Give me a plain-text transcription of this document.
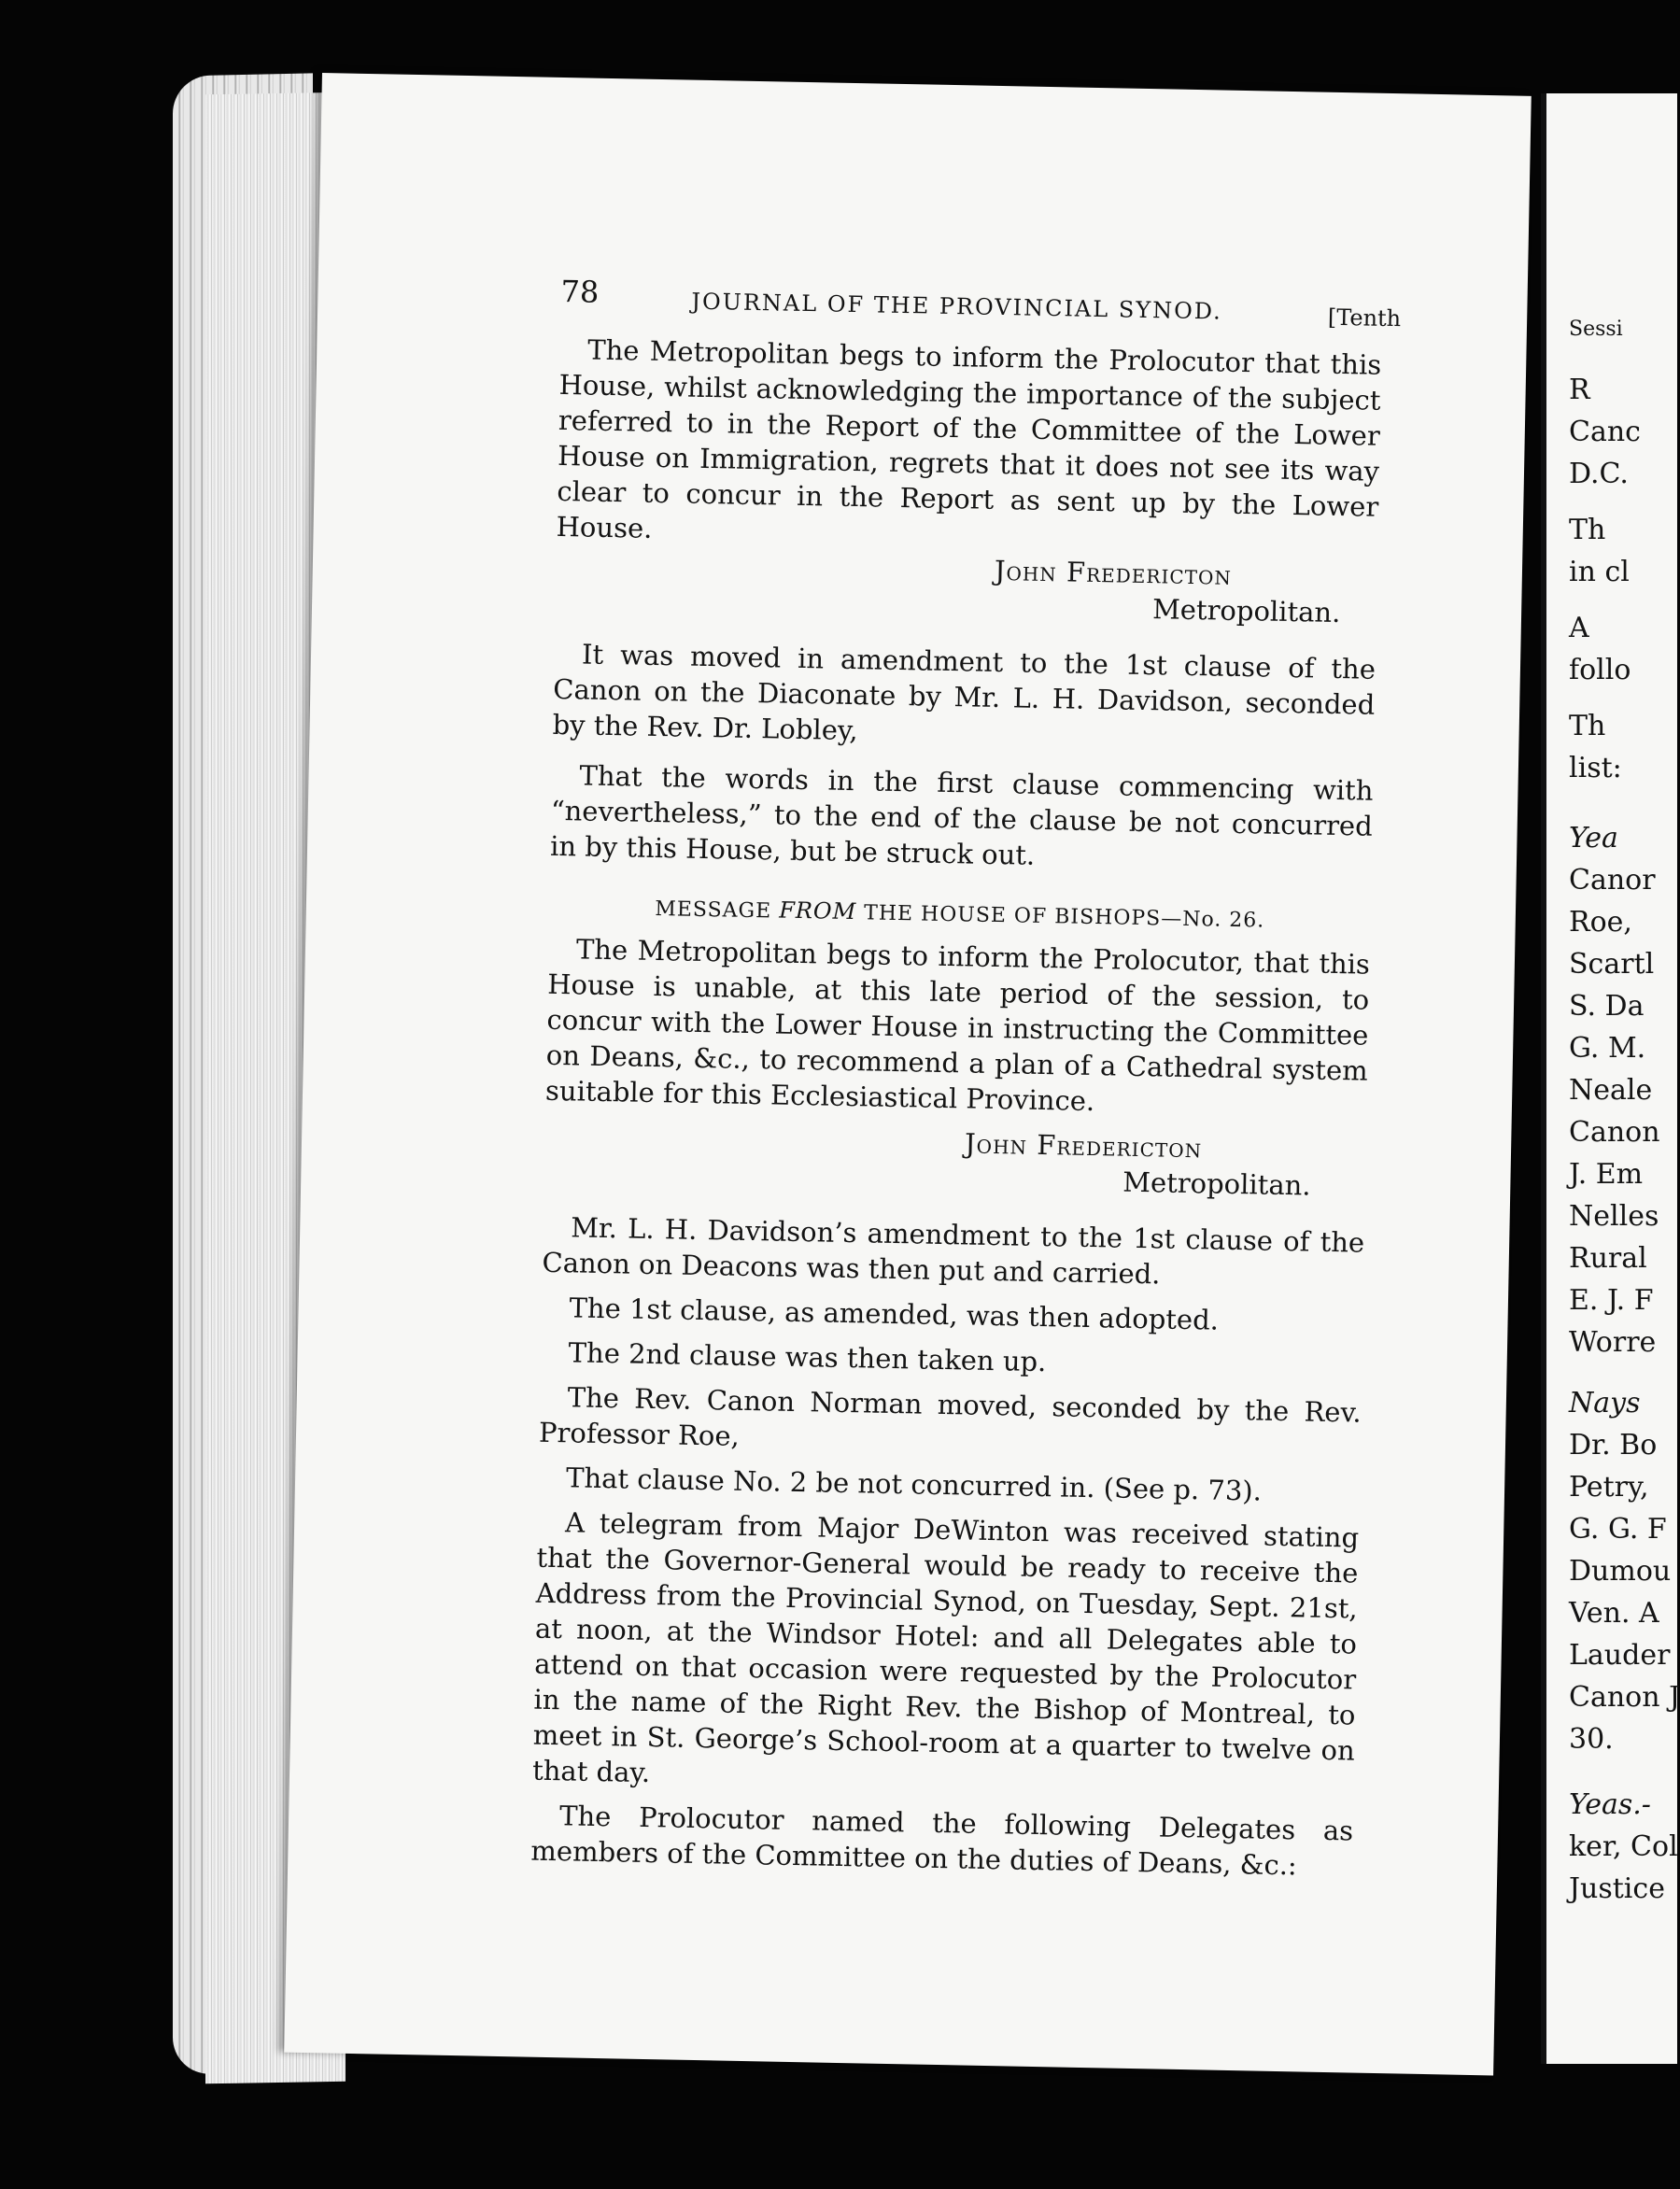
78	JOURNAL OF THE PROVINCIAL SYNOD.	[Tenth

The Metropolitan begs to inform the Prolocutor that this House, whilst acknowledging the importance of the subject referred to in the Report of the Committee of the Lower House on Immigration, regrets that it does not see its way clear to concur in the Report as sent up by the Lower House.

John Fredericton
Metropolitan.

It was moved in amendment to the 1st clause of the Canon on the Diaconate by Mr. L. H. Davidson, seconded by the Rev. Dr. Lobley,

That the words in the first clause commencing with “nevertheless,” to the end of the clause be not concurred in by this House, but be struck out.

MESSAGE FROM THE HOUSE OF BISHOPS—No. 26.

The Metropolitan begs to inform the Prolocutor, that this House is unable, at this late period of the session, to concur with the Lower House in instructing the Committee on Deans, &c., to recommend a plan of a Cathedral system suitable for this Ecclesiastical Province.

John Fredericton
Metropolitan.

Mr. L. H. Davidson’s amendment to the 1st clause of the Canon on Deacons was then put and carried.

The 1st clause, as amended, was then adopted.

The 2nd clause was then taken up.

The Rev. Canon Norman moved, seconded by the Rev. Professor Roe,

That clause No. 2 be not concurred in. (See p. 73).

A telegram from Major DeWinton was received stating that the Governor-General would be ready to receive the Address from the Provincial Synod, on Tuesday, Sept. 21st, at noon, at the Windsor Hotel: and all Delegates able to attend on that occasion were requested by the Prolocutor in the name of the Right Rev. the Bishop of Montreal, to meet in St. George’s School-room at a quarter to twelve on that day.

The Prolocutor named the following Delegates as members of the Committee on the duties of Deans, &c.:

Sessi
R
Canc
D.C.
Th
in cl
A
follo
Th
list:
Yea
Canor
Roe,
Scartl
S. Da
G. M.
Neale
Canon
J. Em
Nelles
Rural
E. J. F
Worre
Nays
Dr. Bo
Petry,
G. G. F
Dumou
Ven. A
Lauder
Canon J
30.
Yeas.-
ker, Col
Justice
